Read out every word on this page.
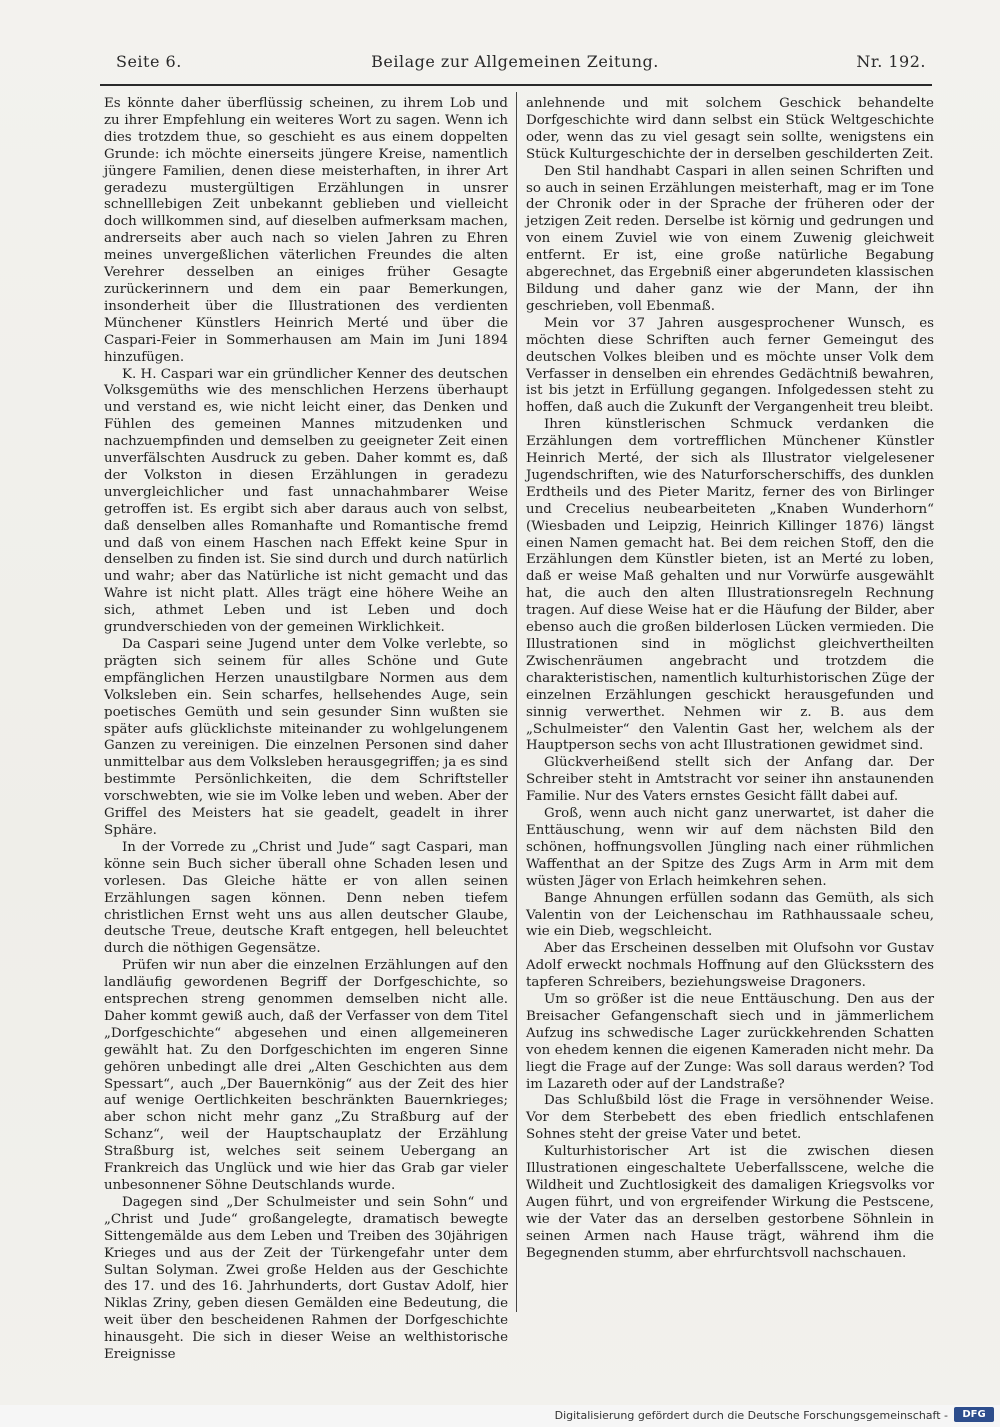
Seite 6.	Beilage zur Allgemeinen Zeitung.	Nr. 192.

Es könnte daher überflüssig scheinen, zu ihrem Lob und zu ihrer Empfehlung ein weiteres Wort zu sagen. Wenn ich dies trotzdem thue, so geschieht es aus einem doppelten Grunde: ich möchte einerseits jüngere Kreise, namentlich jüngere Familien, denen diese meisterhaften, in ihrer Art geradezu mustergültigen Erzählungen in unsrer schnelllebigen Zeit unbekannt geblieben und vielleicht doch willkommen sind, auf dieselben aufmerksam machen, andrerseits aber auch nach so vielen Jahren zu Ehren meines unvergeßlichen väterlichen Freundes die alten Verehrer desselben an einiges früher Gesagte zurückerinnern und dem ein paar Bemerkungen, insonderheit über die Illustrationen des verdienten Münchener Künstlers Heinrich Merté und über die Caspari-Feier in Sommerhausen am Main im Juni 1894 hinzufügen.

K. H. Caspari war ein gründlicher Kenner des deutschen Volksgemüths wie des menschlichen Herzens überhaupt und verstand es, wie nicht leicht einer, das Denken und Fühlen des gemeinen Mannes mitzudenken und nachzuempfinden und demselben zu geeigneter Zeit einen unverfälschten Ausdruck zu geben. Daher kommt es, daß der Volkston in diesen Erzählungen in geradezu unvergleichlicher und fast unnachahmbarer Weise getroffen ist. Es ergibt sich aber daraus auch von selbst, daß denselben alles Romanhafte und Romantische fremd und daß von einem Haschen nach Effekt keine Spur in denselben zu finden ist. Sie sind durch und durch natürlich und wahr; aber das Natürliche ist nicht gemacht und das Wahre ist nicht platt. Alles trägt eine höhere Weihe an sich, athmet Leben und ist Leben und doch grundverschieden von der gemeinen Wirklichkeit.

Da Caspari seine Jugend unter dem Volke verlebte, so prägten sich seinem für alles Schöne und Gute empfänglichen Herzen unaustilgbare Normen aus dem Volksleben ein. Sein scharfes, hellsehendes Auge, sein poetisches Gemüth und sein gesunder Sinn wußten sie später aufs glücklichste miteinander zu wohlgelungenem Ganzen zu vereinigen. Die einzelnen Personen sind daher unmittelbar aus dem Volksleben herausgegriffen; ja es sind bestimmte Persönlichkeiten, die dem Schriftsteller vorschwebten, wie sie im Volke leben und weben. Aber der Griffel des Meisters hat sie geadelt, geadelt in ihrer Sphäre.

In der Vorrede zu „Christ und Jude“ sagt Caspari, man könne sein Buch sicher überall ohne Schaden lesen und vorlesen. Das Gleiche hätte er von allen seinen Erzählungen sagen können. Denn neben tiefem christlichen Ernst weht uns aus allen deutscher Glaube, deutsche Treue, deutsche Kraft entgegen, hell beleuchtet durch die nöthigen Gegensätze.

Prüfen wir nun aber die einzelnen Erzählungen auf den landläufig gewordenen Begriff der Dorfgeschichte, so entsprechen streng genommen demselben nicht alle. Daher kommt gewiß auch, daß der Verfasser von dem Titel „Dorfgeschichte“ abgesehen und einen allgemeineren gewählt hat. Zu den Dorfgeschichten im engeren Sinne gehören unbedingt alle drei „Alten Geschichten aus dem Spessart“, auch „Der Bauernkönig“ aus der Zeit des hier auf wenige Oertlichkeiten beschränkten Bauernkrieges; aber schon nicht mehr ganz „Zu Straßburg auf der Schanz“, weil der Hauptschauplatz der Erzählung Straßburg ist, welches seit seinem Uebergang an Frankreich das Unglück und wie hier das Grab gar vieler unbesonnener Söhne Deutschlands wurde.

Dagegen sind „Der Schulmeister und sein Sohn“ und „Christ und Jude“ großangelegte, dramatisch bewegte Sittengemälde aus dem Leben und Treiben des 30jährigen Krieges und aus der Zeit der Türkengefahr unter dem Sultan Solyman. Zwei große Helden aus der Geschichte des 17. und des 16. Jahrhunderts, dort Gustav Adolf, hier Niklas Zriny, geben diesen Gemälden eine Bedeutung, die weit über den bescheidenen Rahmen der Dorfgeschichte hinausgeht. Die sich in dieser Weise an welthistorische Ereignisse

anlehnende und mit solchem Geschick behandelte Dorfgeschichte wird dann selbst ein Stück Weltgeschichte oder, wenn das zu viel gesagt sein sollte, wenigstens ein Stück Kulturgeschichte der in derselben geschilderten Zeit.

Den Stil handhabt Caspari in allen seinen Schriften und so auch in seinen Erzählungen meisterhaft, mag er im Tone der Chronik oder in der Sprache der früheren oder der jetzigen Zeit reden. Derselbe ist körnig und gedrungen und von einem Zuviel wie von einem Zuwenig gleichweit entfernt. Er ist, eine große natürliche Begabung abgerechnet, das Ergebniß einer abgerundeten klassischen Bildung und daher ganz wie der Mann, der ihn geschrieben, voll Ebenmaß.

Mein vor 37 Jahren ausgesprochener Wunsch, es möchten diese Schriften auch ferner Gemeingut des deutschen Volkes bleiben und es möchte unser Volk dem Verfasser in denselben ein ehrendes Gedächtniß bewahren, ist bis jetzt in Erfüllung gegangen. Infolgedessen steht zu hoffen, daß auch die Zukunft der Vergangenheit treu bleibt.

Ihren künstlerischen Schmuck verdanken die Erzählungen dem vortrefflichen Münchener Künstler Heinrich Merté, der sich als Illustrator vielgelesener Jugendschriften, wie des Naturforscherschiffs, des dunklen Erdtheils und des Pieter Maritz, ferner des von Birlinger und Crecelius neubearbeiteten „Knaben Wunderhorn“ (Wiesbaden und Leipzig, Heinrich Killinger 1876) längst einen Namen gemacht hat. Bei dem reichen Stoff, den die Erzählungen dem Künstler bieten, ist an Merté zu loben, daß er weise Maß gehalten und nur Vorwürfe ausgewählt hat, die auch den alten Illustrationsregeln Rechnung tragen. Auf diese Weise hat er die Häufung der Bilder, aber ebenso auch die großen bilderlosen Lücken vermieden. Die Illustrationen sind in möglichst gleichvertheilten Zwischenräumen angebracht und trotzdem die charakteristischen, namentlich kulturhistorischen Züge der einzelnen Erzählungen geschickt herausgefunden und sinnig verwerthet. Nehmen wir z. B. aus dem „Schulmeister“ den Valentin Gast her, welchem als der Hauptperson sechs von acht Illustrationen gewidmet sind.

Glückverheißend stellt sich der Anfang dar. Der Schreiber steht in Amtstracht vor seiner ihn anstaunenden Familie. Nur des Vaters ernstes Gesicht fällt dabei auf.

Groß, wenn auch nicht ganz unerwartet, ist daher die Enttäuschung, wenn wir auf dem nächsten Bild den schönen, hoffnungsvollen Jüngling nach einer rühmlichen Waffenthat an der Spitze des Zugs Arm in Arm mit dem wüsten Jäger von Erlach heimkehren sehen.

Bange Ahnungen erfüllen sodann das Gemüth, als sich Valentin von der Leichenschau im Rathhaussaale scheu, wie ein Dieb, wegschleicht.

Aber das Erscheinen desselben mit Olufsohn vor Gustav Adolf erweckt nochmals Hoffnung auf den Glücksstern des tapferen Schreibers, beziehungsweise Dragoners.

Um so größer ist die neue Enttäuschung. Den aus der Breisacher Gefangenschaft siech und in jämmerlichem Aufzug ins schwedische Lager zurückkehrenden Schatten von ehedem kennen die eigenen Kameraden nicht mehr. Da liegt die Frage auf der Zunge: Was soll daraus werden? Tod im Lazareth oder auf der Landstraße?

Das Schlußbild löst die Frage in versöhnender Weise. Vor dem Sterbebett des eben friedlich entschlafenen Sohnes steht der greise Vater und betet.

Kulturhistorischer Art ist die zwischen diesen Illustrationen eingeschaltete Ueberfallsscene, welche die Wildheit und Zuchtlosigkeit des damaligen Kriegsvolks vor Augen führt, und von ergreifender Wirkung die Pestscene, wie der Vater das an derselben gestorbene Söhnlein in seinen Armen nach Hause trägt, während ihm die Begegnenden stumm, aber ehrfurchtsvoll nachschauen.

Digitalisierung gefördert durch die Deutsche Forschungsgemeinschaft -	DFG
